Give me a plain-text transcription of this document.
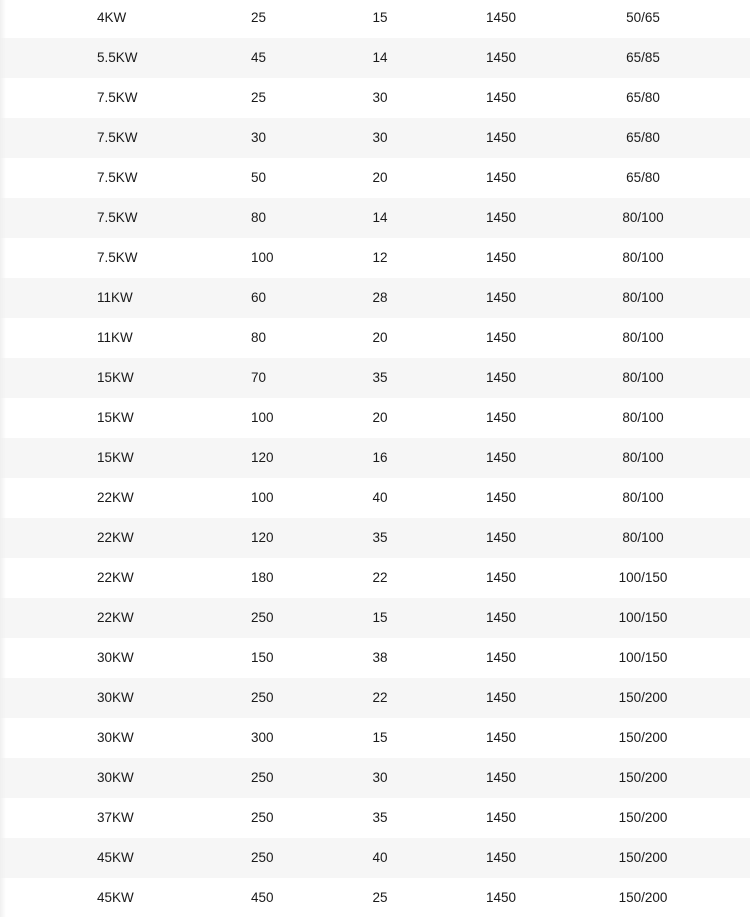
4KW	25	15	1450	50/65
5.5KW	45	14	1450	65/85
7.5KW	25	30	1450	65/80
7.5KW	30	30	1450	65/80
7.5KW	50	20	1450	65/80
7.5KW	80	14	1450	80/100
7.5KW	100	12	1450	80/100
11KW	60	28	1450	80/100
11KW	80	20	1450	80/100
15KW	70	35	1450	80/100
15KW	100	20	1450	80/100
15KW	120	16	1450	80/100
22KW	100	40	1450	80/100
22KW	120	35	1450	80/100
22KW	180	22	1450	100/150
22KW	250	15	1450	100/150
30KW	150	38	1450	100/150
30KW	250	22	1450	150/200
30KW	300	15	1450	150/200
30KW	250	30	1450	150/200
37KW	250	35	1450	150/200
45KW	250	40	1450	150/200
45KW	450	25	1450	150/200
